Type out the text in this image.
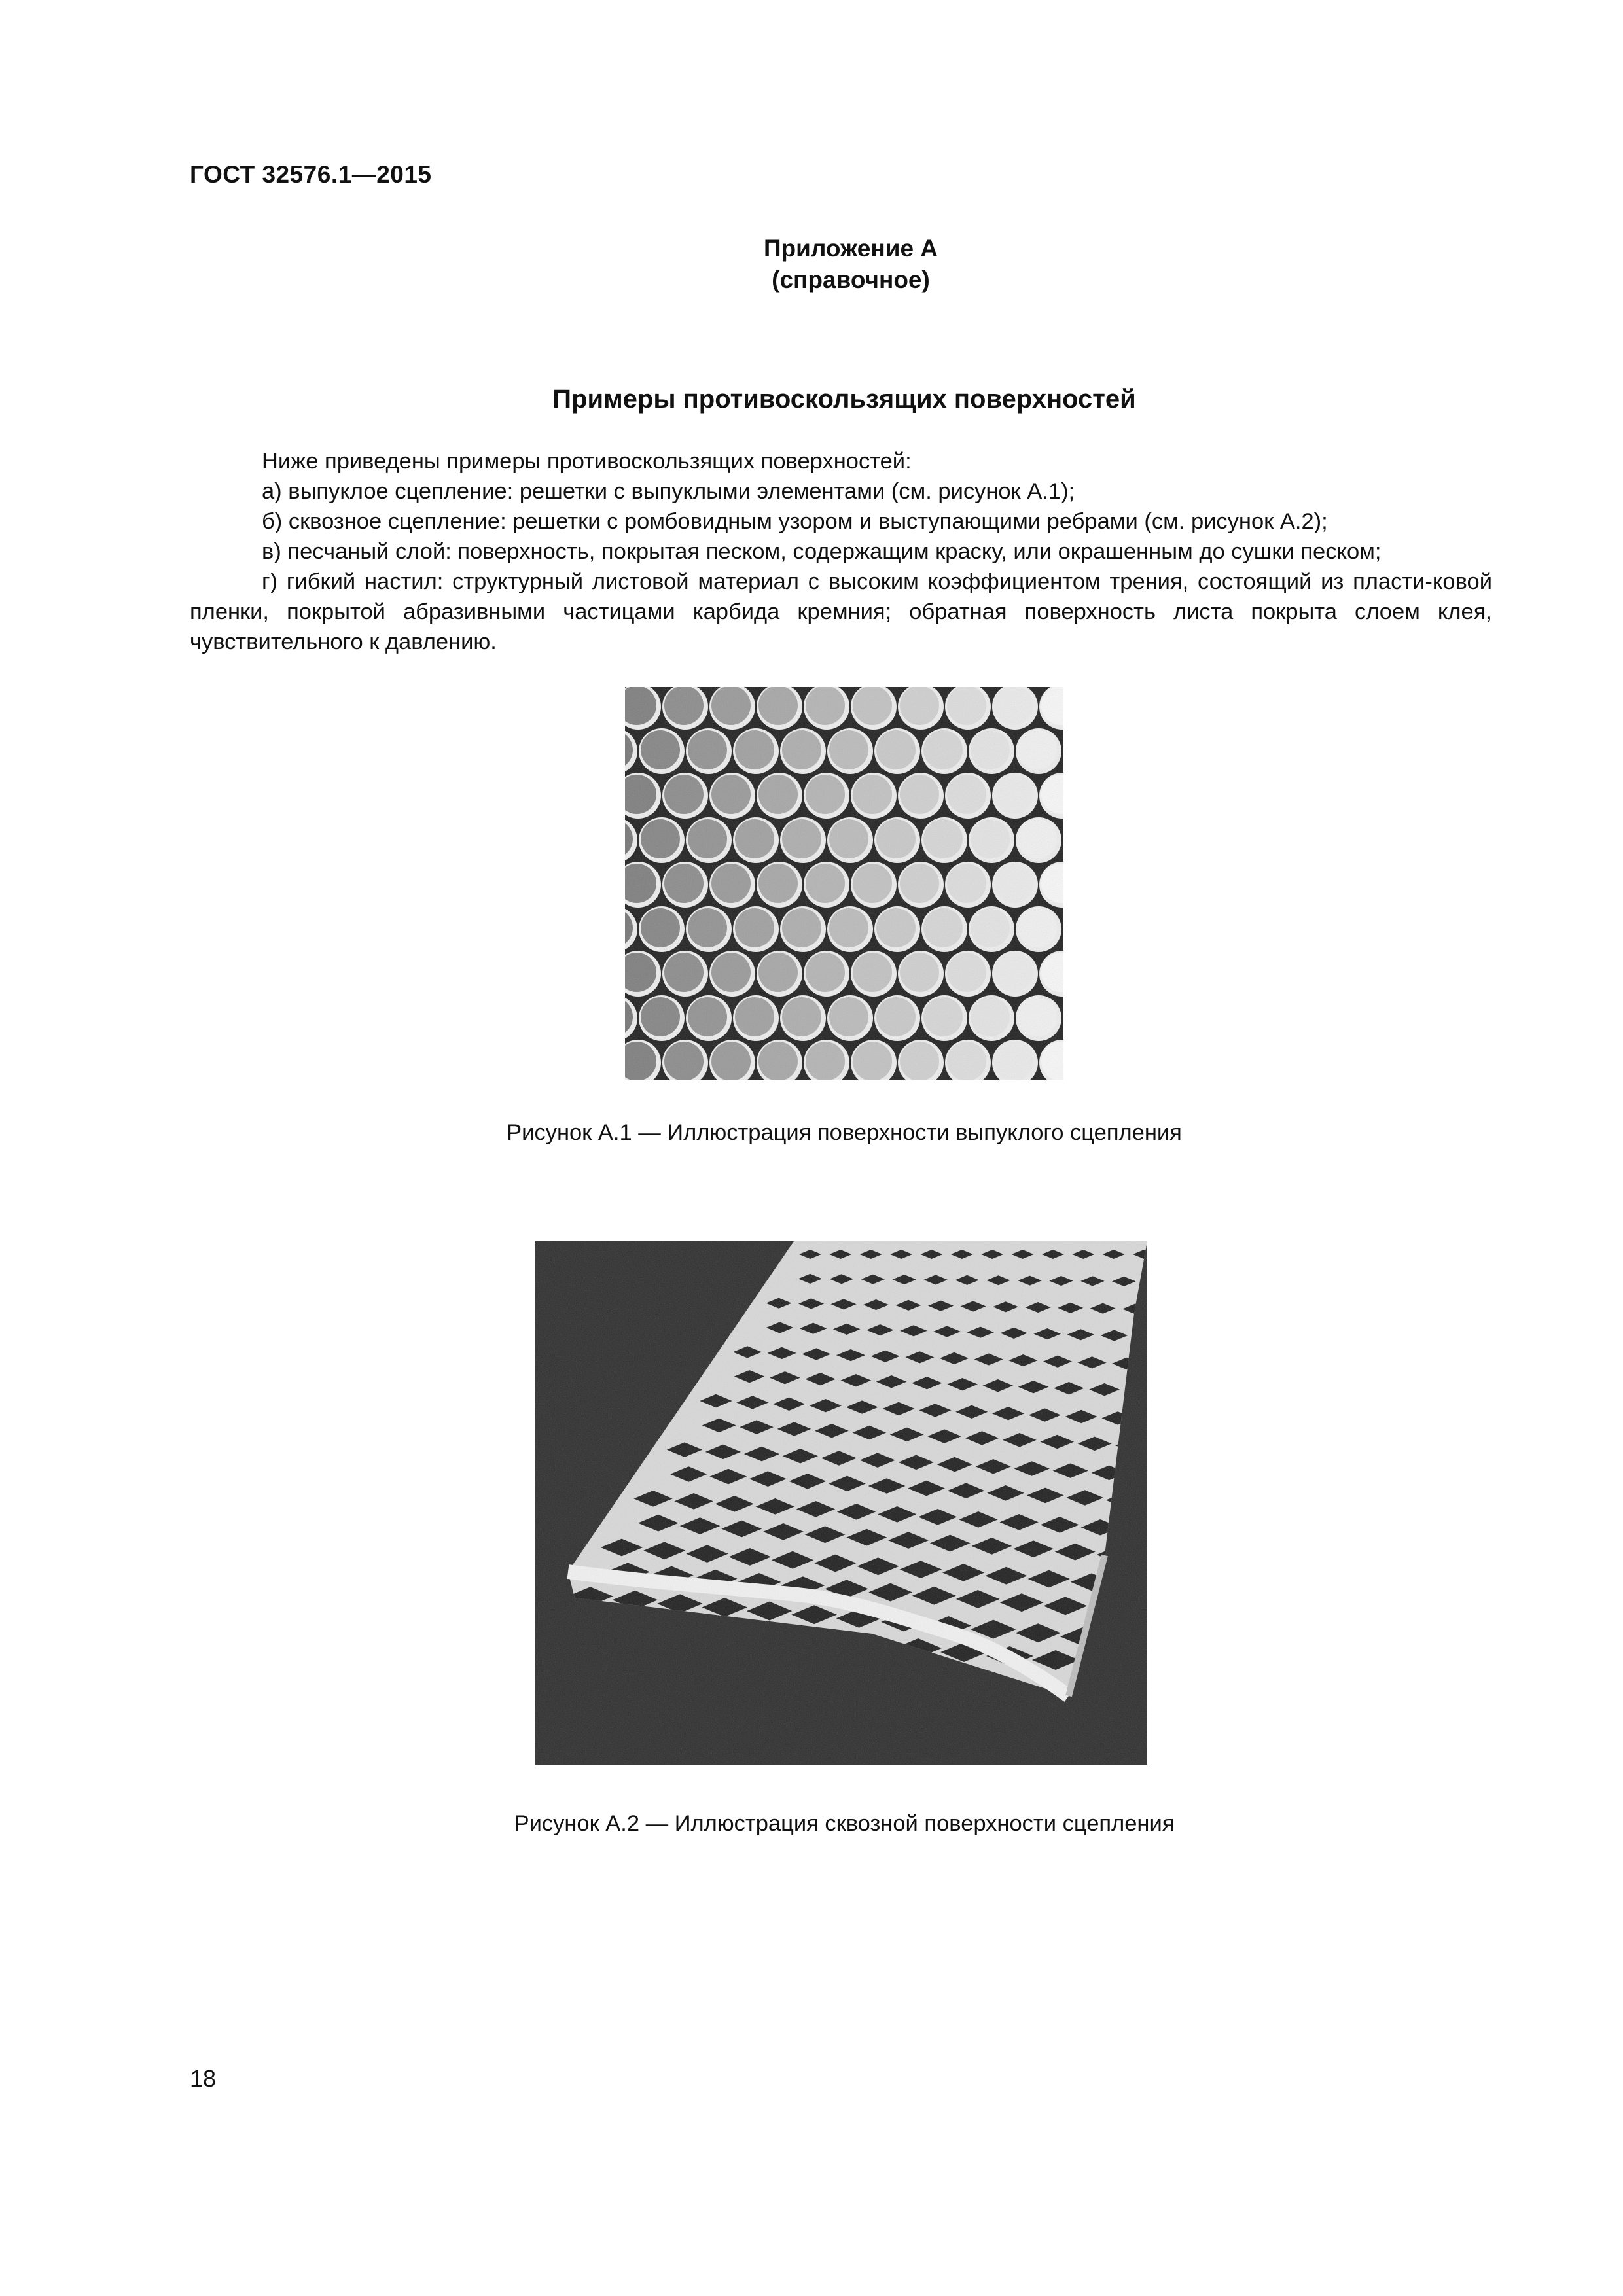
ГОСТ 32576.1—2015
Приложение А
(справочное)
Примеры противоскользящих поверхностей

Ниже приведены примеры противоскользящих поверхностей:

а) выпуклое сцепление: решетки с выпуклыми элементами (см. рисунок А.1);

б) сквозное сцепление: решетки с ромбовидным узором и выступающими ребрами (см. рисунок А.2);

в) песчаный слой: поверхность, покрытая песком, содержащим краску, или окрашенным до сушки песком;

г) гибкий настил: структурный листовой материал с высоким коэффициентом трения, состоящий из пласти-ковой пленки, покрытой абразивными частицами карбида кремния; обратная поверхность листа покрыта слоем клея, чувствительного к давлению.

Рисунок А.1 — Иллюстрация поверхности выпуклого сцепления
Рисунок А.2 — Иллюстрация сквозной поверхности сцепления
18
